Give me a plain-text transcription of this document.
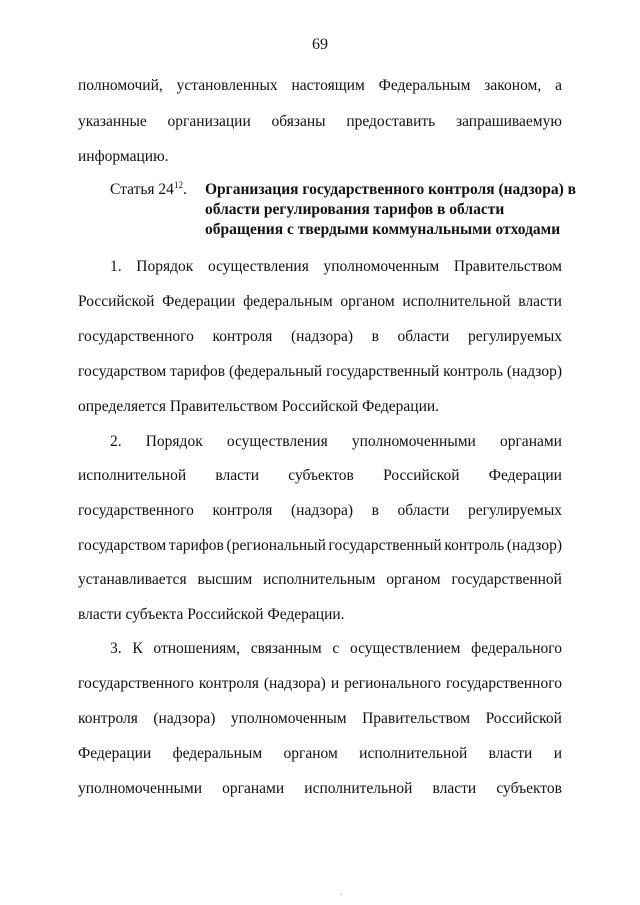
69
полномочий, установленных настоящим Федеральным законом, а
указанные организации обязаны предоставить запрашиваемую
информацию.
Статья $24^{12}$. Организация государственного контроля (надзора) в
области регулирования тарифов в области
обращения с твердыми коммунальными отходами
1. Порядок осуществления уполномоченным Правительством
Российской Федерации федеральным органом исполнительной власти
государственного контроля (надзора) в области регулируемых
государством тарифов (федеральный государственный контроль (надзор)
определяется Правительством Российской Федерации.
2. Порядок осуществления уполномоченными органами
исполнительной власти субъектов Российской Федерации
государственного контроля (надзора) в области регулируемых
государством тарифов (региональный государственный контроль (надзор)
устанавливается высшим исполнительным органом государственной
власти субъекта Российской Федерации.
3. К отношениям, связанным с осуществлением федерального
государственного контроля (надзора) и регионального государственного
контроля (надзора) уполномоченным Правительством Российской
Федерации федеральным органом исполнительной власти и
уполномоченными органами исполнительной власти субъектов
.
